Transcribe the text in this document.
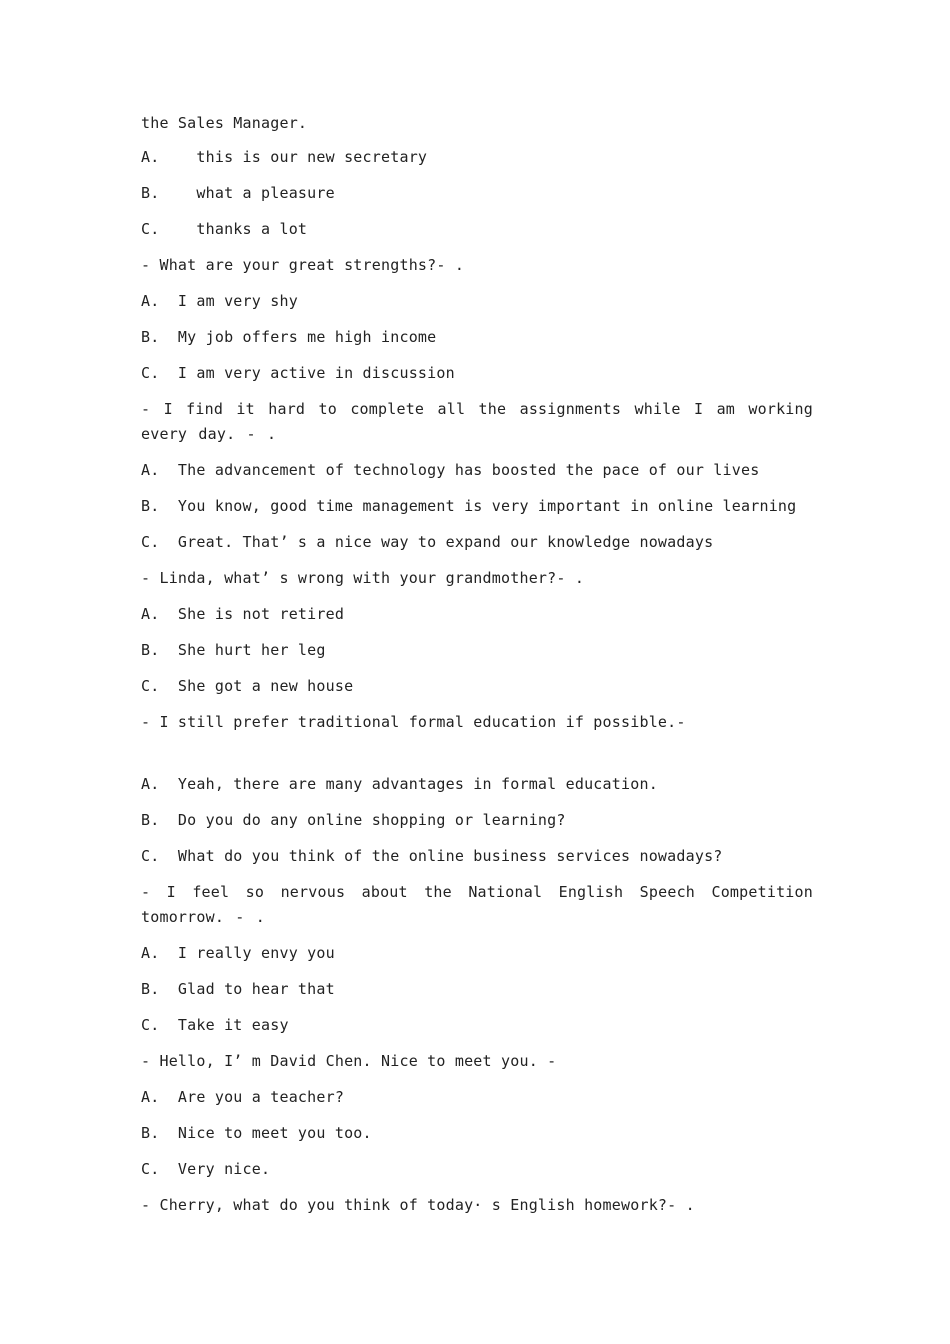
the Sales Manager.
A.    this is our new secretary
B.    what a pleasure
C.    thanks a lot
- What are your great strengths?- .
A.  I am very shy
B.  My job offers me high income
C.  I am very active in discussion
- I find it hard to complete all the assignments while I am working every day. - .
A.  The advancement of technology has boosted the pace of our lives
B.  You know, good time management is very important in online learning
C.  Great. That’ s a nice way to expand our knowledge nowadays
- Linda, what’ s wrong with your grandmother?- .
A.  She is not retired
B.  She hurt her leg
C.  She got a new house
- I still prefer traditional formal education if possible.-
A.  Yeah, there are many advantages in formal education.
B.  Do you do any online shopping or learning?
C.  What do you think of the online business services nowadays?
- I feel so nervous about the National English Speech Competition tomorrow. - .
A.  I really envy you
B.  Glad to hear that
C.  Take it easy
- Hello, I’ m David Chen. Nice to meet you. -
A.  Are you a teacher?
B.  Nice to meet you too.
C.  Very nice.
- Cherry, what do you think of today· s English homework?- .
